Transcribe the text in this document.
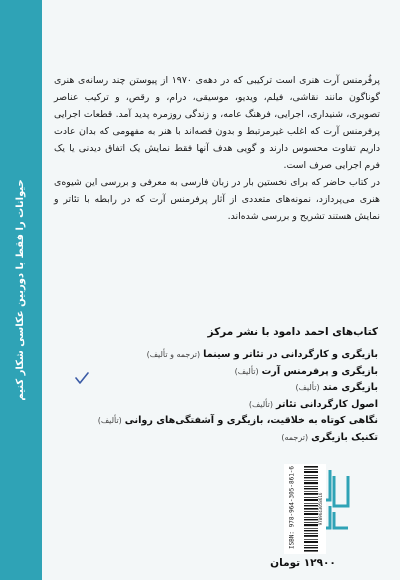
حیوانات را فقط با دوربین عکاسی شکار کنیم

پرفُرمنس آرت هنری است ترکیبی که در دهه‌ی ۱۹۷۰ از پیوستن چند رسانه‌ی هنری گوناگون مانند نقاشی، فیلم، ویدیو، موسیقی، درام، و رقص، و ترکیب عناصر تصویری، شنیداری، اجرایی، فرهنگ عامه، و زندگی روزمره پدید آمد. قطعات اجرایی پرفرمنس آرت که اغلب غیرمرتبط و بدون قصه‌اند با هنر به مفهومی که بدان عادت داریم تفاوت محسوس دارند و گویی هدف آنها فقط نمایش یک اتفاق دیدنی یا یک فرم اجرایی صرف است.

در کتاب حاضر که برای نخستین بار در زبان فارسی به معرفی و بررسی این شیوه‌ی هنری می‌پردازد، نمونه‌های متعددی از آثار پرفرمنس آرت که در رابطه با تئاتر و نمایش هستند تشریح و بررسی شده‌اند.

کتاب‌های احمد دامود با نشر مرکز
بازیگری و کارگردانی در تئاتر و سینما(ترجمه و تألیف)
بازیگری و پرفرمنس آرت(تألیف)
بازیگری متد(تألیف)
اصول کارگردانی تئاتر(تألیف)
نگاهی کوتاه به خلاقیت، بازیگری و آشفتگی‌های روانی(تألیف)
تکنیک بازیگری(ترجمه)
ISBN: 978-964-305-861-6	9789643058616
۱۲۹۰۰ تومان
